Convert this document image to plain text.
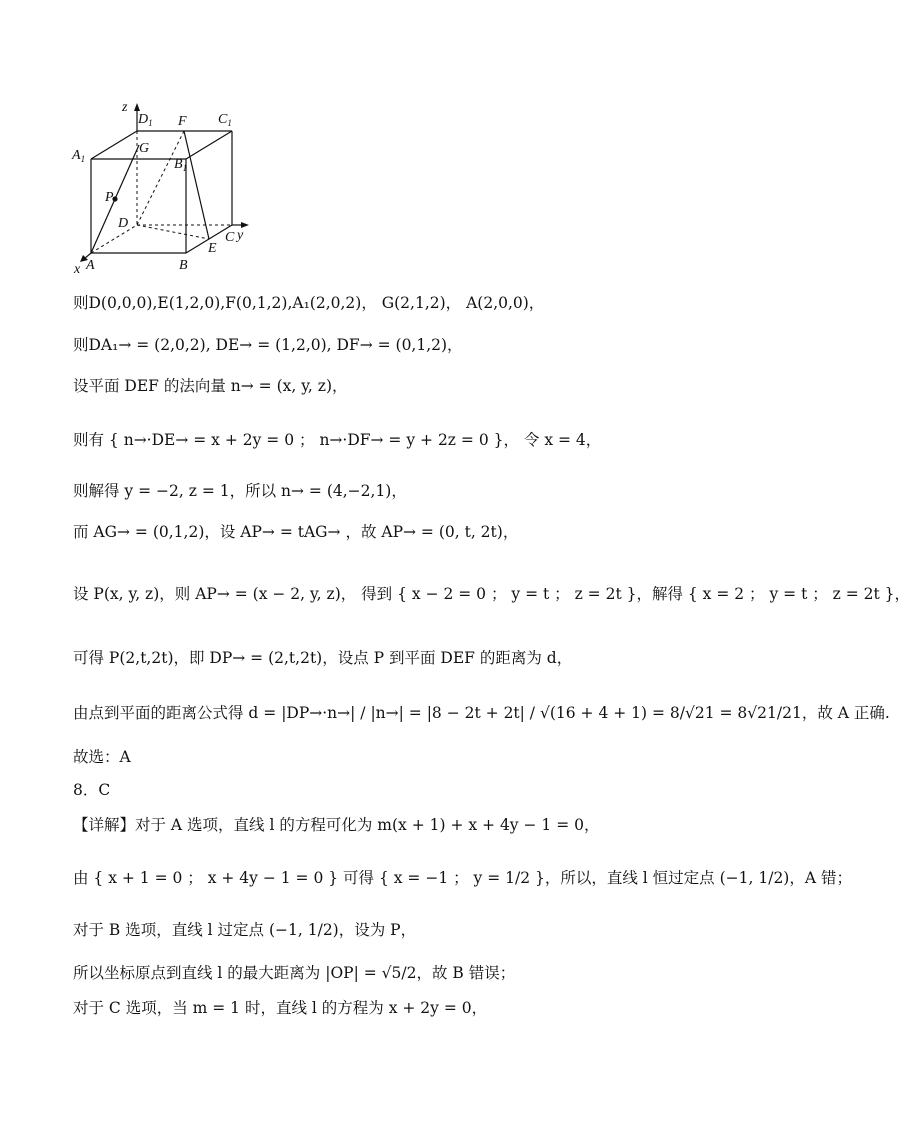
z
$D_1$ F $C_1$
$A_1$
G
$B_1$
P
D
C y
E
x A	B
则D(0,0,0),E(1,2,0),F(0,1,2),A₁(2,0,2)， G(2,1,2)， A(2,0,0)，
则DA₁→ = (2,0,2), DE→ = (1,2,0), DF→ = (0,1,2)，
设平面 DEF 的法向量 n→ = (x, y, z)，
则有 { n→·DE→ = x + 2y = 0 ； n→·DF→ = y + 2z = 0 }， 令 x = 4，
则解得 y = −2, z = 1，所以 n→ = (4,−2,1)，
而 AG→ = (0,1,2)，设 AP→ = tAG→ ，故 AP→ = (0, t, 2t)，
设 P(x, y, z)，则 AP→ = (x − 2, y, z)， 得到 { x − 2 = 0 ； y = t ； z = 2t }，解得 { x = 2 ； y = t ； z = 2t }，
可得 P(2,t,2t)，即 DP→ = (2,t,2t)，设点 P 到平面 DEF 的距离为 d，
由点到平面的距离公式得 d = |DP→·n→| / |n→| = |8 − 2t + 2t| / √(16 + 4 + 1) = 8/√21 = 8√21/21，故 A 正确.
故选：A
8．C
【详解】对于 A 选项，直线 l 的方程可化为 m(x + 1) + x + 4y − 1 = 0，
由 { x + 1 = 0 ； x + 4y − 1 = 0 } 可得 { x = −1 ； y = 1/2 }，所以，直线 l 恒过定点 (−1, 1/2)，A 错；
对于 B 选项，直线 l 过定点 (−1, 1/2)，设为 P，
所以坐标原点到直线 l 的最大距离为 |OP| = √5/2，故 B 错误；
对于 C 选项，当 m = 1 时，直线 l 的方程为 x + 2y = 0，
